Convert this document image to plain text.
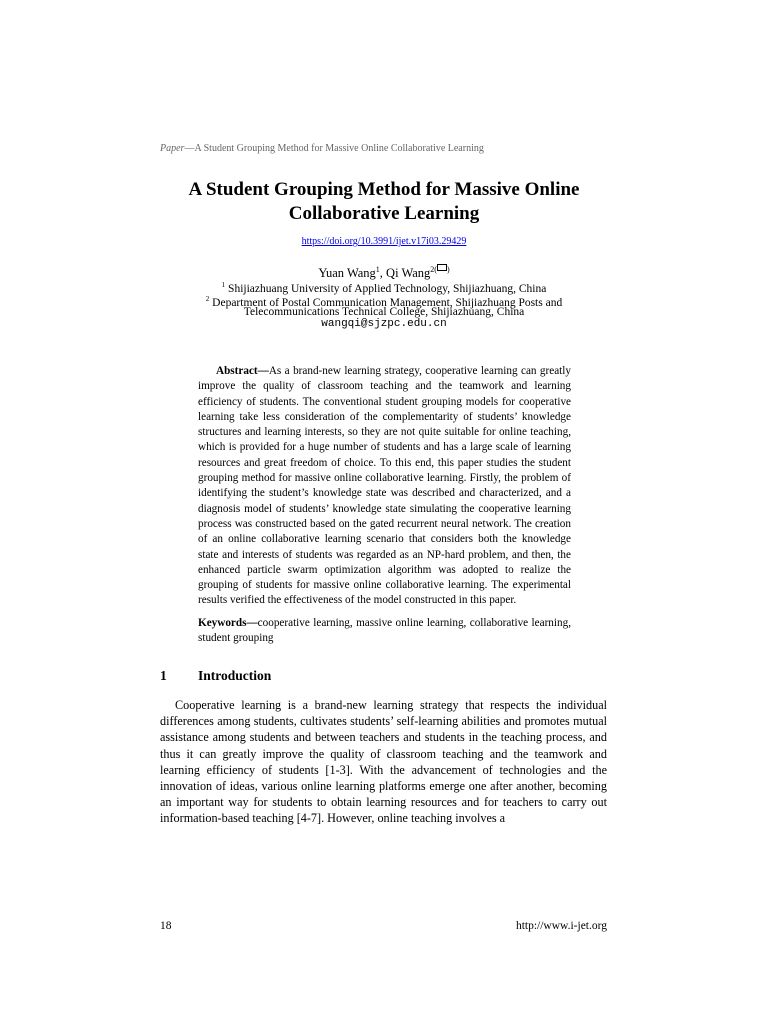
Paper—A Student Grouping Method for Massive Online Collaborative Learning
A Student Grouping Method for Massive Online
Collaborative Learning
https://doi.org/10.3991/ijet.v17i03.29429
Yuan Wang$^1$, Qi Wang$^{2( )}$
$^1$ Shijiazhuang University of Applied Technology, Shijiazhuang, China
$^2$ Department of Postal Communication Management, Shijiazhuang Posts and
Telecommunications Technical College, Shijiazhuang, China
wangqi@sjzpc.edu.cn

Abstract—As a brand-new learning strategy, cooperative learning can greatly improve the quality of classroom teaching and the teamwork and learning efficiency of students. The conventional student grouping models for cooperative learning take less consideration of the complementarity of students’ knowledge structures and learning interests, so they are not quite suitable for online teaching, which is provided for a huge number of students and has a large scale of learning resources and great freedom of choice. To this end, this paper studies the student grouping method for massive online collaborative learning. Firstly, the problem of identifying the student’s knowledge state was described and characterized, and a diagnosis model of students’ knowledge state simulating the cooperative learning process was constructed based on the gated recurrent neural network. The creation of an online collaborative learning scenario that considers both the knowledge state and interests of students was regarded as an NP-hard problem, and then, the enhanced particle swarm optimization algorithm was adopted to realize the grouping of students for massive online collaborative learning. The experimental results verified the effectiveness of the model constructed in this paper.

Keywords—cooperative learning, massive online learning, collaborative learning, student grouping

1 Introduction

Cooperative learning is a brand-new learning strategy that respects the individual differences among students, cultivates students’ self-learning abilities and promotes mutual assistance among students and between teachers and students in the teaching process, and thus it can greatly improve the quality of classroom teaching and the teamwork and learning efficiency of students [1-3]. With the advancement of technologies and the innovation of ideas, various online learning platforms emerge one after another, becoming an important way for students to obtain learning resources and for teachers to carry out information-based teaching [4-7]. However, online teaching involves a

18	http://www.i-jet.org
